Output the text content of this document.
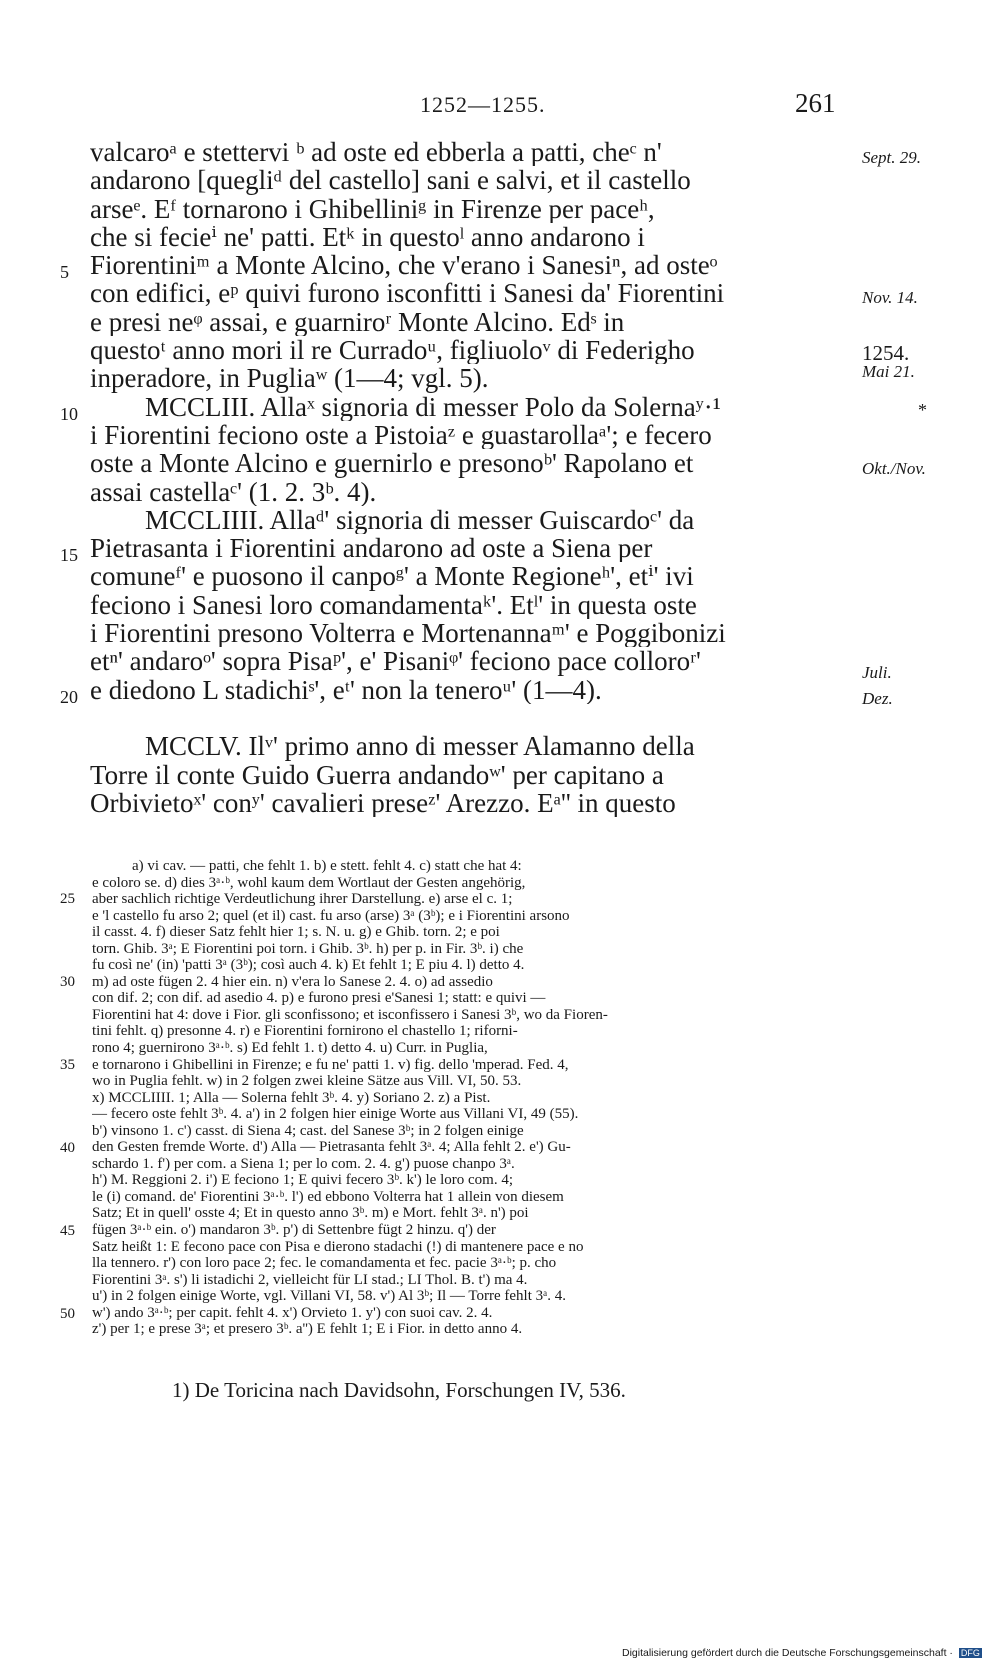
1252—1255.	261
valcaroᵃ e stettervi ᵇ ad oste ed ebberla a patti, cheᶜ n'
andarono [quegliᵈ del castello] sani e salvi, et il castello
arseᵉ. Eᶠ tornarono i Ghibelliniᵍ in Firenze per paceʰ,
che si fecieⁱ ne' patti. Etᵏ in questoˡ anno andarono i
Fiorentiniᵐ a Monte Alcino, che v'erano i Sanesiⁿ, ad osteᵒ
con edifici, eᵖ quivi furono isconfitti i Sanesi da' Fiorentini
e presi neᵠ assai, e guarniroʳ Monte Alcino. Edˢ in
questoᵗ anno mori il re Curradoᵘ, figliuoloᵛ di Federigho
inperadore, in Pugliaʷ (1—4; vgl. 5).
MCCLIII. Allaˣ signoria di messer Polo da Solernaʸ·¹
i Fiorentini feciono oste a Pistoiaᶻ e guastarollaᵃ'; e fecero
oste a Monte Alcino e guernirlo e presonoᵇ' Rapolano et
assai castellaᶜ' (1. 2. 3ᵇ. 4).
MCCLIIII. Allaᵈ' signoria di messer Guiscardoᶜ' da
Pietrasanta i Fiorentini andarono ad oste a Siena per
comuneᶠ' e puosono il canpoᵍ' a Monte Regioneʰ', etⁱ' ivi
feciono i Sanesi loro comandamentaᵏ'. Etˡ' in questa oste
i Fiorentini presono Volterra e Mortenannaᵐ' e Poggibonizi
etⁿ' andaroᵒ' sopra Pisaᵖ', e' Pisaniᵠ' feciono pace colloroʳ'
e diedono L stadichiˢ', eᵗ' non la teneroᵘ' (1—4).
MCCLV. Ilᵛ' primo anno di messer Alamanno della
Torre il conte Guido Guerra andandoʷ' per capitano a
Orbivietoˣ' conʸ' cavalieri preseᶻ' Arezzo. Eᵃ'' in questo
5
10
15
20
Sept. 29.
Nov. 14.
1254.
Mai 21.
*
Okt./Nov.
Juli.
Dez.
a) vi cav. — patti, che fehlt 1. b) e stett. fehlt 4. c) statt che hat 4:
e coloro se. d) dies 3ᵃ·ᵇ, wohl kaum dem Wortlaut der Gesten angehörig,
aber sachlich richtige Verdeutlichung ihrer Darstellung. e) arse el c. 1;
e 'l castello fu arso 2; quel (et il) cast. fu arso (arse) 3ᵃ (3ᵇ); e i Fiorentini arsono
il casst. 4. f) dieser Satz fehlt hier 1; s. N. u. g) e Ghib. torn. 2; e poi
torn. Ghib. 3ᵃ; E Fiorentini poi torn. i Ghib. 3ᵇ. h) per p. in Fir. 3ᵇ. i) che
fu così ne' (in) 'patti 3ᵃ (3ᵇ); così auch 4. k) Et fehlt 1; E piu 4. l) detto 4.
m) ad oste fügen 2. 4 hier ein. n) v'era lo Sanese 2. 4. o) ad assedio
con dif. 2; con dif. ad asedio 4. p) e furono presi e'Sanesi 1; statt: e quivi —
Fiorentini hat 4: dove i Fior. gli sconfissono; et isconfissero i Sanesi 3ᵇ, wo da Fioren-
tini fehlt. q) presonne 4. r) e Fiorentini fornirono el chastello 1; riforni-
rono 4; guernirono 3ᵃ·ᵇ. s) Ed fehlt 1. t) detto 4. u) Curr. in Puglia,
e tornarono i Ghibellini in Firenze; e fu ne' patti 1. v) fig. dello 'mperad. Fed. 4,
wo in Puglia fehlt. w) in 2 folgen zwei kleine Sätze aus Vill. VI, 50. 53.
x) MCCLIIII. 1; Alla — Solerna fehlt 3ᵇ. 4. y) Soriano 2. z) a Pist.
— fecero oste fehlt 3ᵇ. 4. a') in 2 folgen hier einige Worte aus Villani VI, 49 (55).
b') vinsono 1. c') casst. di Siena 4; cast. del Sanese 3ᵇ; in 2 folgen einige
den Gesten fremde Worte. d') Alla — Pietrasanta fehlt 3ᵃ. 4; Alla fehlt 2. e') Gu-
schardo 1. f') per com. a Siena 1; per lo com. 2. 4. g') puose chanpo 3ᵃ.
h') M. Reggioni 2. i') E feciono 1; E quivi fecero 3ᵇ. k') le loro com. 4;
le (i) comand. de' Fiorentini 3ᵃ·ᵇ. l') ed ebbono Volterra hat 1 allein von diesem
Satz; Et in quell' osste 4; Et in questo anno 3ᵇ. m) e Mort. fehlt 3ᵃ. n') poi
fügen 3ᵃ·ᵇ ein. o') mandaron 3ᵇ. p') di Settenbre fügt 2 hinzu. q') der
Satz heißt 1: E fecono pace con Pisa e dierono stadachi (!) di mantenere pace e no
lla tennero. r') con loro pace 2; fec. le comandamenta et fec. pacie 3ᵃ·ᵇ; p. cho
Fiorentini 3ᵃ. s') li istadichi 2, vielleicht für LI stad.; LI Thol. B. t') ma 4.
u') in 2 folgen einige Worte, vgl. Villani VI, 58. v') Al 3ᵇ; Il — Torre fehlt 3ᵃ. 4.
w') ando 3ᵃ·ᵇ; per capit. fehlt 4. x') Orvieto 1. y') con suoi cav. 2. 4.
z') per 1; e prese 3ᵃ; et presero 3ᵇ. a'') E fehlt 1; E i Fior. in detto anno 4.
25
30
35
40
45
50
1) De Toricina nach Davidsohn, Forschungen IV, 536.
Digitalisierung gefördert durch die Deutsche Forschungsgemeinschaft · DFG
